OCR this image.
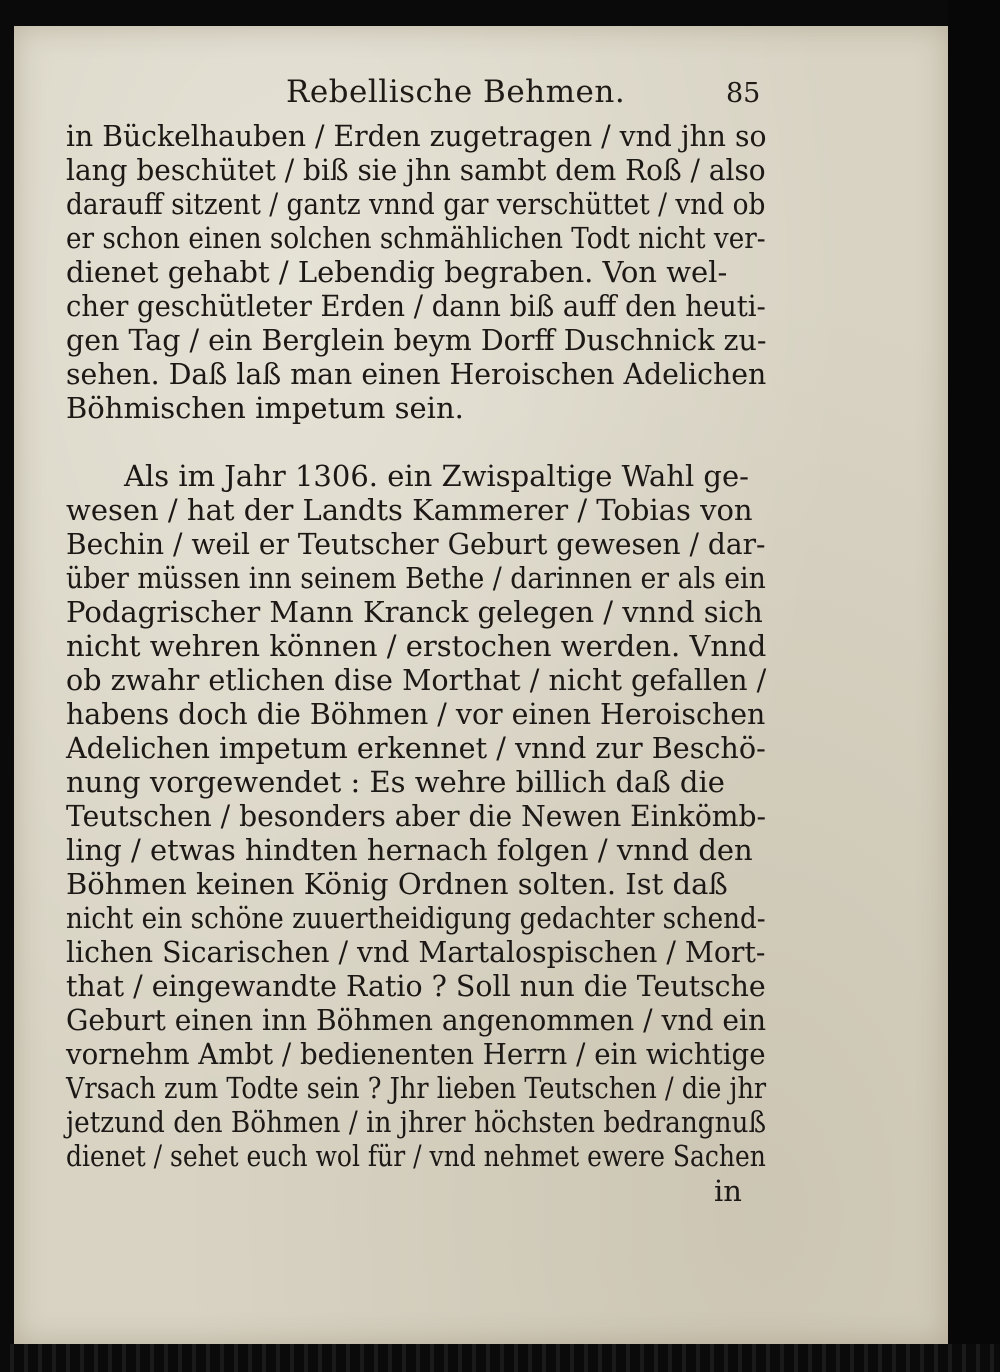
Rebellische Behmen.	85
in Bückelhauben / Erden zugetragen / vnd jhn so
lang beschütet / biß sie jhn sambt dem Roß / also
darauff sitzent / gantz vnnd gar verschüttet / vnd ob
er schon einen solchen schmählichen Todt nicht ver-
dienet gehabt / Lebendig begraben. Von wel-
cher geschütleter Erden / dann biß auff den heuti-
gen Tag / ein Berglein beym Dorff Duschnick zu-
sehen. Daß laß man einen Heroischen Adelichen
Böhmischen impetum sein.
Als im Jahr 1306. ein Zwispaltige Wahl ge-
wesen / hat der Landts Kammerer / Tobias von
Bechin / weil er Teutscher Geburt gewesen / dar-
über müssen inn seinem Bethe / darinnen er als ein
Podagrischer Mann Kranck gelegen / vnnd sich
nicht wehren können / erstochen werden. Vnnd
ob zwahr etlichen dise Morthat / nicht gefallen /
habens doch die Böhmen / vor einen Heroischen
Adelichen impetum erkennet / vnnd zur Beschö-
nung vorgewendet : Es wehre billich daß die
Teutschen / besonders aber die Newen Einkömb-
ling / etwas hindten hernach folgen / vnnd den
Böhmen keinen König Ordnen solten. Ist daß
nicht ein schöne zuuertheidigung gedachter schend-
lichen Sicarischen / vnd Martalospischen / Mort-
that / eingewandte Ratio ? Soll nun die Teutsche
Geburt einen inn Böhmen angenommen / vnd ein
vornehm Ambt / bedienenten Herrn / ein wichtige
Vrsach zum Todte sein ? Jhr lieben Teutschen / die jhr
jetzund den Böhmen / in jhrer höchsten bedrangnuß
dienet / sehet euch wol für / vnd nehmet ewere Sachen
in
